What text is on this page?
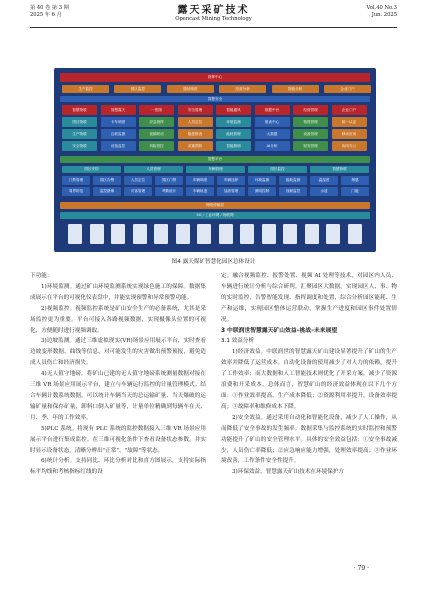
第 40 卷 第 3 期
2025 年 6 月	露天采矿技术
Opencast Mining Technology
Vol.40 No.3
Jun. 2025
指挥中心
生产监控	园区监控	通信调度	经营分析	智能分析	企业门户
智慧安全
智慧物联
园区物联
生产物联
安全物联
智慧露天
卡车调度
边坡监测
设备监控
一张图
应急指挥
视频联动
风险管控
安全管理
人员定位
隐患排查
双重预防
智能通风
环境监测
能耗管理
智能照明
数据中台
报表中心
大数据
AI分析
经营管理
物资管理
设备管理
财务管理
企业门户
统一认证
移动应用
协同办公
智慧平台
园区安防
门禁管理	园区告警
周界防范	监控摄像
人员管理
人员定位	园区门禁
访客管理	考勤统计
车辆管理
车辆调度	车辆违停
车辆轨迹	加油管理
园区监控
环境监测	能耗监测
照明控制	视频监控
智慧物联
温湿度	烟感
水浸	门磁
网络传输层
5G / 工业环网 / 物联网
图4 露天煤矿智慧化园区总体设计

下功能：

1)环境监测。通过矿山环境监测系统实现绿色施工的保障。数据集成展示在平台的可视化仪表盘中，并能实现预警和异常预警功能。

2)视频监控。视频监控系统是矿山安全生产的必备系统，尤其是采场监控更为重要。平台可接入各路视频数据，实现摄像头位置的可视化，方便随时进行视频调取。

3)边坡监测。通过三维虚拟现实(VR)场景应用展示平台，实时查看边坡变形数据、曲线等信息，对可能发生的灾害做出预警预报，避免造成人员伤亡和经济损失。

4)无人值守地磅。将矿山已建的无人值守地磅系统测量数据对接在三维 VR 场景应用展示平台，建立与车辆运行监控的计量管理模式。结合车辆计数系统数据，可以统计车辆当天的总运输矿量、当天爆破的运输矿量和保存矿量，卸料口倒入矿量等，计量单位精确到每辆车在天、月、季、年的工作效率。

5)PLC 系统。将现有 PLC 系统的监控数据接入三维 VR 场景应用展示平台进行集成监控。在三维可视化条件下查看设备状态参数，并实时显示设备状态，清晰分辨出"正常"、"故障"等状态。

6)统计分析。支持同比、环比分析对比和直方图展示，支持实际指标平均线和考核指标红线的设

定。融合视频监控、报警处置、视频 AI 处理等技术，对园区内人员、车辆进行统计分析与综合研判。汇聚园区大数据，实现园区人、事、物的实时监控，告警智能发现、指挥调度和处置，综合分析园区能耗、生产和运维，实现园区整体运营联动，掌握生产进度和园区事件处置情况。

3 中联润世智慧露天矿山效益–挑战–未来展望

3.1 效益分析

1)经济效益。中联润世的智慧露天矿山建设显著提升了矿山的生产效率并降低了运营成本。自动化设备的使用减少了对人力的依赖，提升了工作效率；而大数据和人工智能技术则优化了开采方案，减少了资源浪费和开采成本。总体而言，智慧矿山的经济效益体现在以下几个方面：①作业效率提高，生产成本降低；②资源利用率提升，设备效率提高；③故障率和维修成本下降。

2)安全效益。通过采用自动化和智能化设备，减少了人工操作，从而降低了安全事故的发生频率。数据采集与监控系统的实时监控和预警功能提升了矿山的安全管理水平。具体的安全效益包括：①安全事故减少，人员伤亡率降低；②应急响应能力增强，处理效率提高；③作业环境改善，工作条件安全性提升。

3)环保效益。智慧露天矿山技术在环境保护方

· 79 ·
